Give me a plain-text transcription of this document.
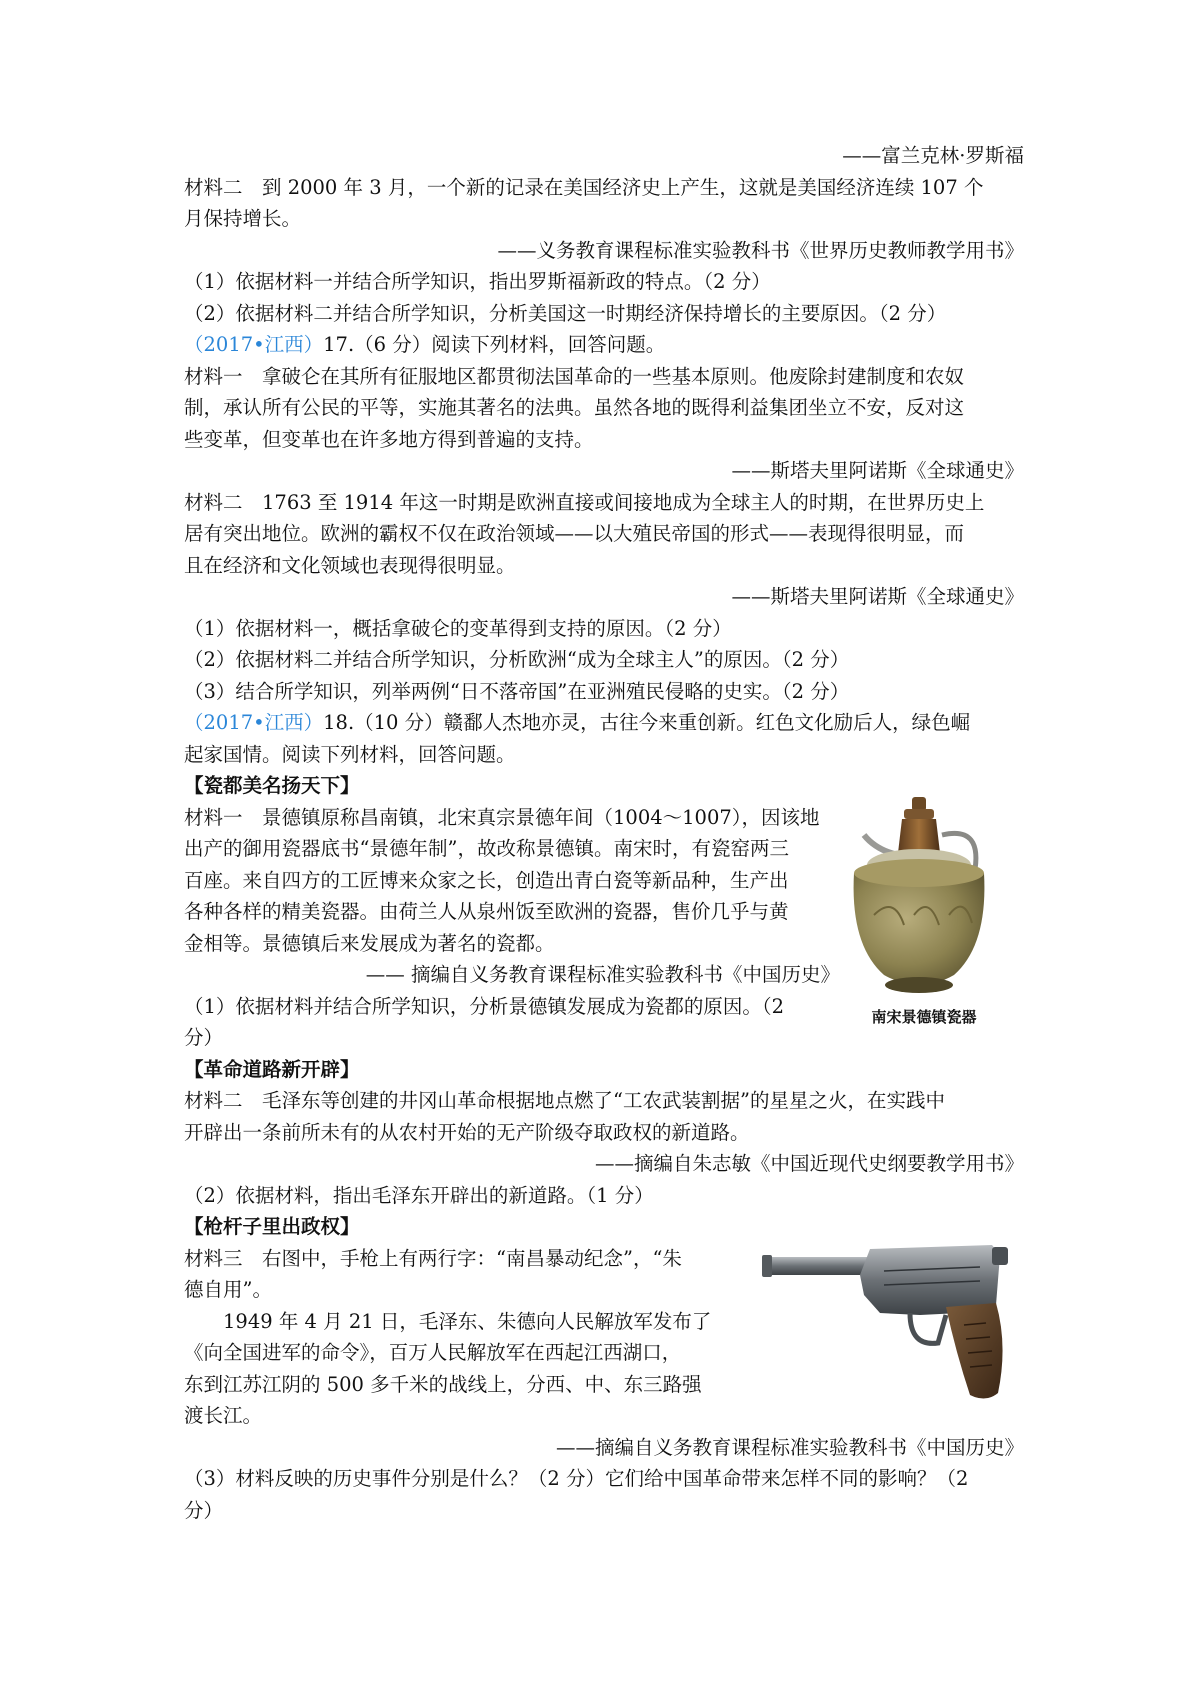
——富兰克林·罗斯福
材料二　到 2000 年 3 月，一个新的记录在美国经济史上产生，这就是美国经济连续 107 个
月保持增长。
——义务教育课程标准实验教科书《世界历史教师教学用书》
（1）依据材料一并结合所学知识，指出罗斯福新政的特点。（2 分）
（2）依据材料二并结合所学知识，分析美国这一时期经济保持增长的主要原因。（2 分）
（2017•江西）17.（6 分）阅读下列材料，回答问题。
材料一　拿破仑在其所有征服地区都贯彻法国革命的一些基本原则。他废除封建制度和农奴
制，承认所有公民的平等，实施其著名的法典。虽然各地的既得利益集团坐立不安，反对这
些变革，但变革也在许多地方得到普遍的支持。
——斯塔夫里阿诺斯《全球通史》
材料二　1763 至 1914 年这一时期是欧洲直接或间接地成为全球主人的时期，在世界历史上
居有突出地位。欧洲的霸权不仅在政治领域——以大殖民帝国的形式——表现得很明显，而
且在经济和文化领域也表现得很明显。
——斯塔夫里阿诺斯《全球通史》
（1）依据材料一，概括拿破仑的变革得到支持的原因。（2 分）
（2）依据材料二并结合所学知识，分析欧洲“成为全球主人”的原因。（2 分）
（3）结合所学知识，列举两例“日不落帝国”在亚洲殖民侵略的史实。（2 分）
（2017•江西）18.（10 分）赣鄱人杰地亦灵，古往今来重创新。红色文化励后人，绿色崛
起家国情。阅读下列材料，回答问题。
【瓷都美名扬天下】
材料一　景德镇原称昌南镇，北宋真宗景德年间（1004～1007），因该地
出产的御用瓷器底书“景德年制”，故改称景德镇。南宋时，有瓷窑两三
百座。来自四方的工匠博来众家之长，创造出青白瓷等新品种，生产出
各种各样的精美瓷器。由荷兰人从泉州饭至欧洲的瓷器，售价几乎与黄
金相等。景德镇后来发展成为著名的瓷都。
—— 摘编自义务教育课程标准实验教科书《中国历史》
（1）依据材料并结合所学知识，分析景德镇发展成为瓷都的原因。（2
分）
【革命道路新开辟】
材料二　毛泽东等创建的井冈山革命根据地点燃了“工农武装割据”的星星之火，在实践中
开辟出一条前所未有的从农村开始的无产阶级夺取政权的新道路。
——摘编自朱志敏《中国近现代史纲要教学用书》
（2）依据材料，指出毛泽东开辟出的新道路。（1 分）
【枪杆子里出政权】
材料三　右图中，手枪上有两行字：“南昌暴动纪念”，“朱
德自用”。
1949 年 4 月 21 日，毛泽东、朱德向人民解放军发布了
《向全国进军的命令》，百万人民解放军在西起江西湖口，
东到江苏江阴的 500 多千米的战线上，分西、中、东三路强
渡长江。
——摘编自义务教育课程标准实验教科书《中国历史》
（3）材料反映的历史事件分别是什么？（2 分）它们给中国革命带来怎样不同的影响？（2
分）
南宋景德镇瓷器
